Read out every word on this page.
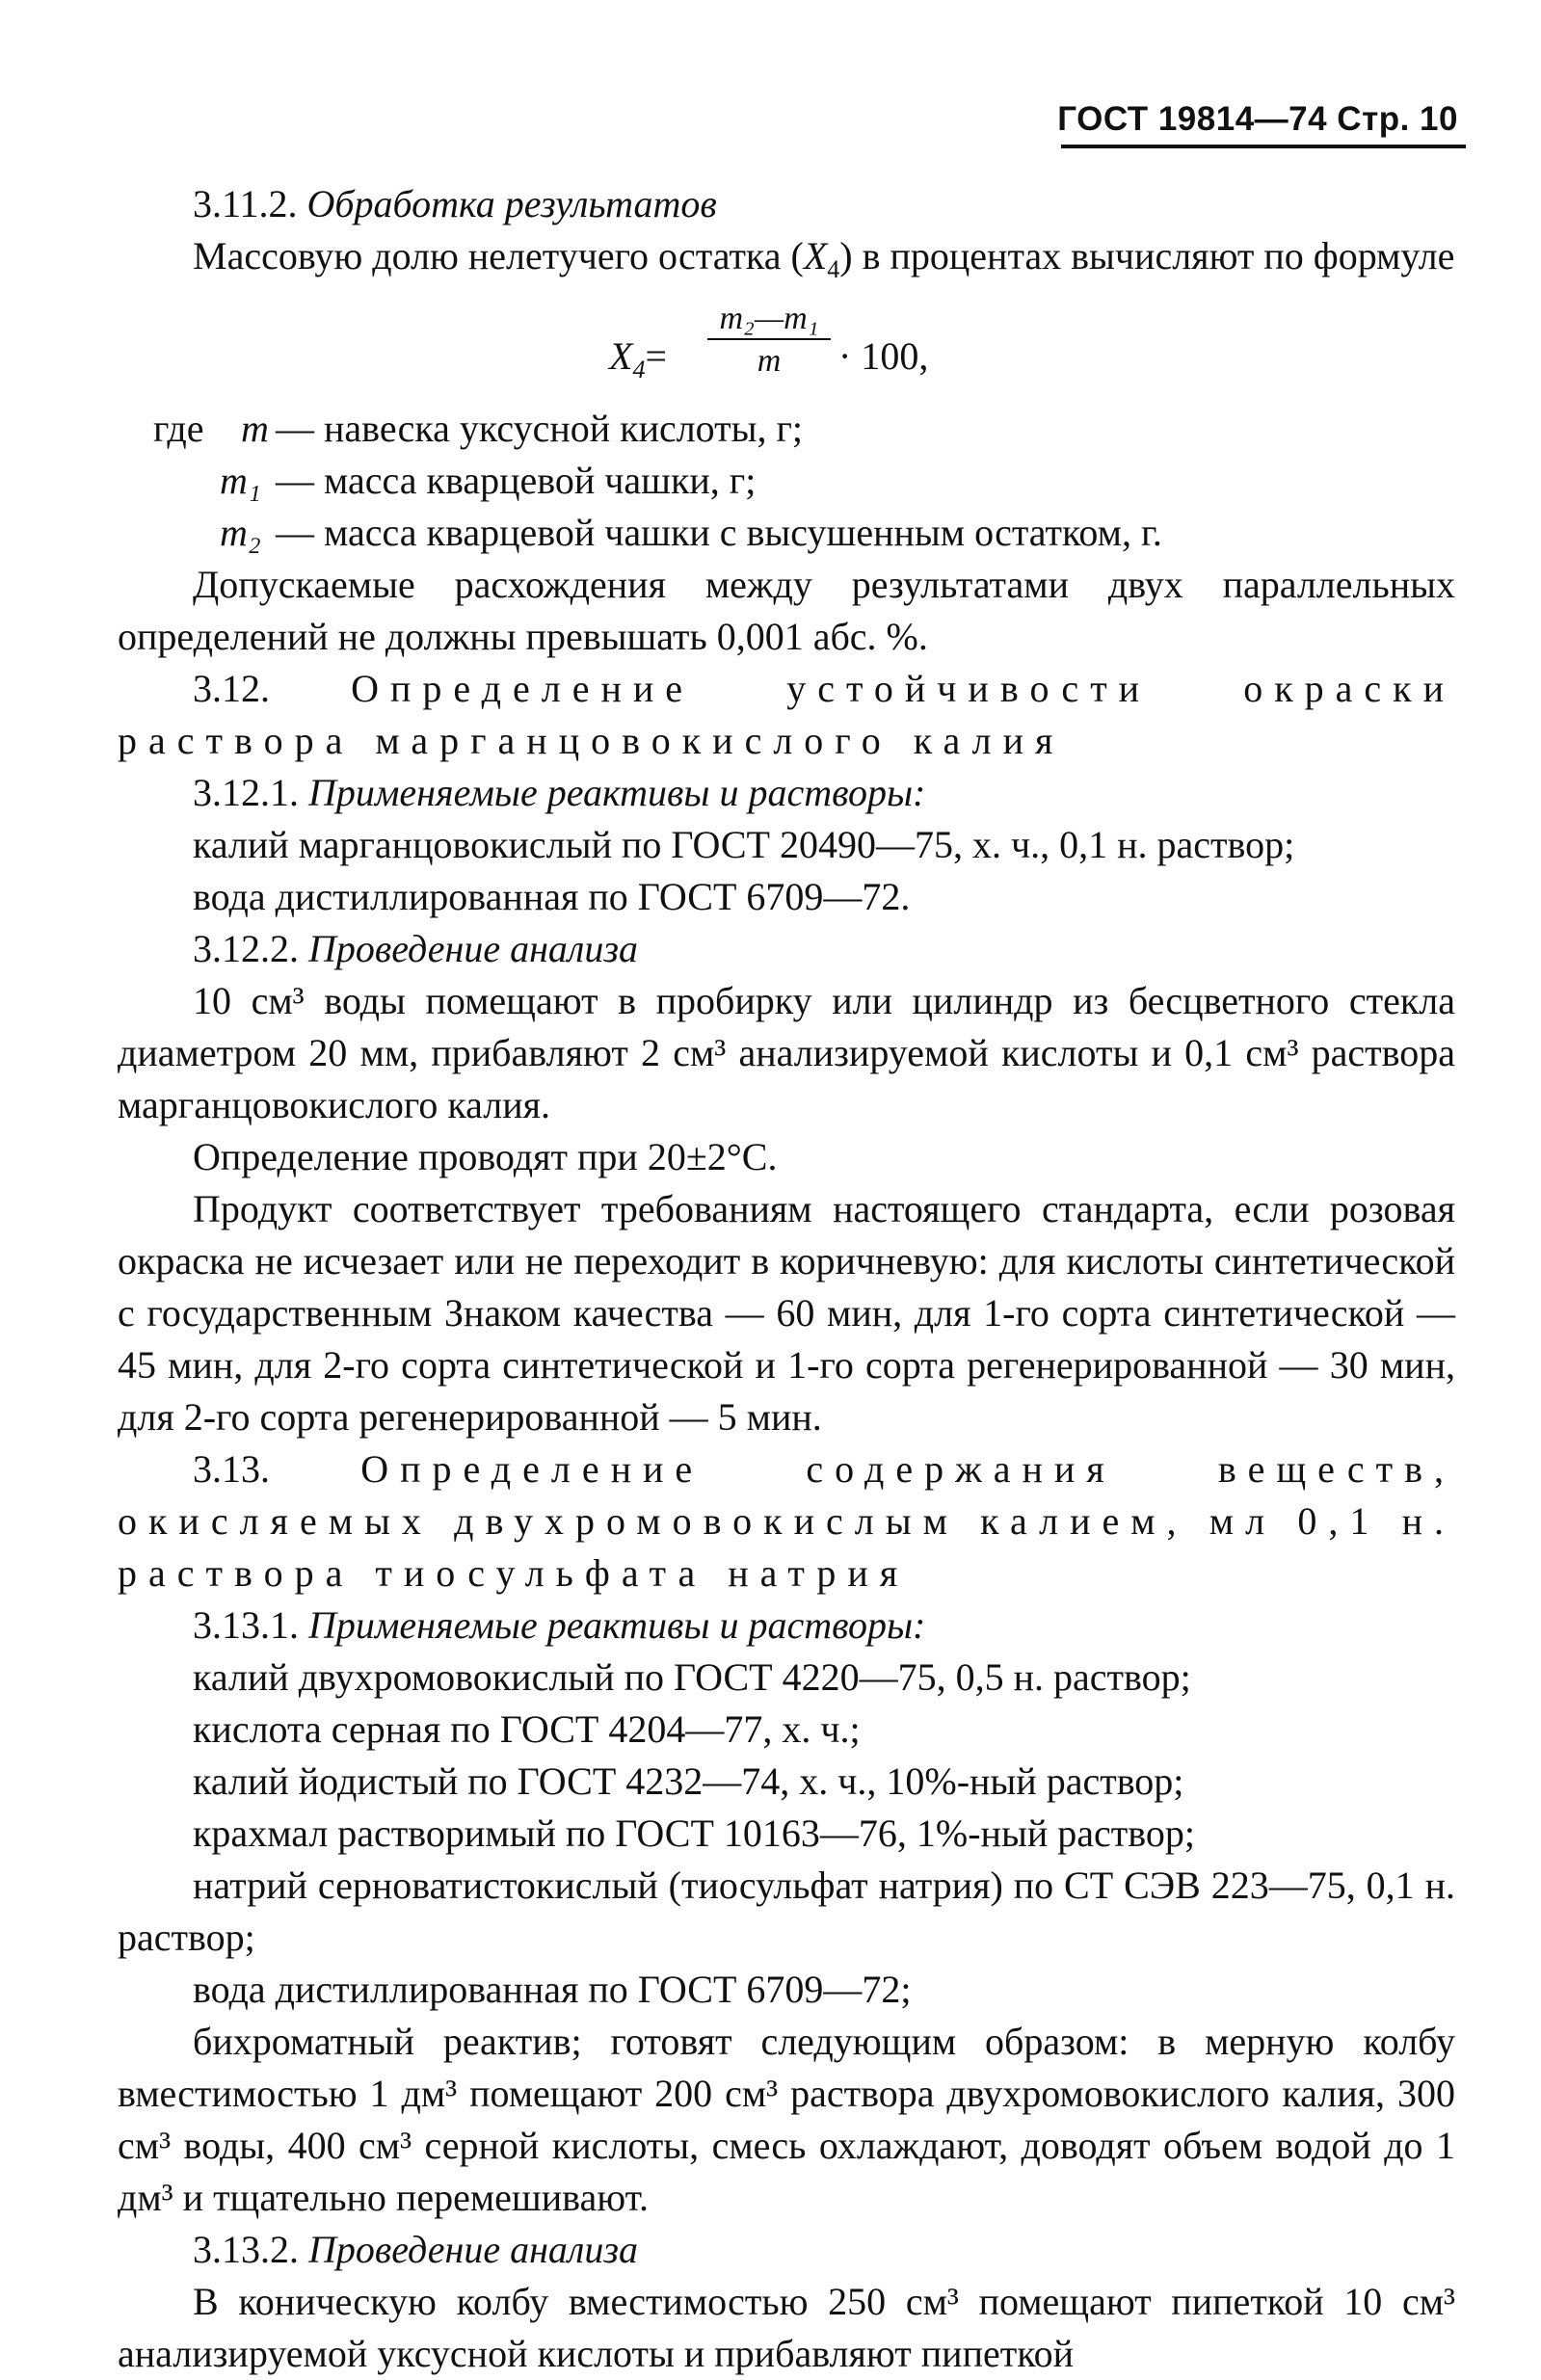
ГОСТ 19814—74 Стр. 10

3.11.2. Обработка результатов

Массовую долю нелетучего остатка $(X_4)$ в процентах вычисляют по формуле

$X_4= \frac{\text{m₂—m₁}}{m} \cdot 100$,
где m — навеска уксусной кислоты, г;
m₁ — масса кварцевой чашки, г;
m₂ — масса кварцевой чашки с высушенным остатком, г.

Допускаемые расхождения между результатами двух параллельных определений не должны превышать 0,001 абс. %.

3.12. Определение устойчивости окраски раствора марганцовокислого калия

3.12.1. Применяемые реактивы и растворы:

калий марганцовокислый по ГОСТ 20490—75, х. ч., 0,1 н. раствор;

вода дистиллированная по ГОСТ 6709—72.

3.12.2. Проведение анализа

10 см³ воды помещают в пробирку или цилиндр из бесцветного стекла диаметром 20 мм, прибавляют 2 см³ анализируемой кислоты и 0,1 см³ раствора марганцовокислого калия.

Определение проводят при 20±2°С.

Продукт соответствует требованиям настоящего стандарта, если розовая окраска не исчезает или не переходит в коричневую: для кислоты синтетической с государственным Знаком качества — 60 мин, для 1-го сорта синтетической — 45 мин, для 2-го сорта синтетической и 1-го сорта регенерированной — 30 мин, для 2-го сорта регенерированной — 5 мин.

3.13. Определение содержания веществ, окисляемых двухромовокислым калием, мл 0,1 н. раствора тиосульфата натрия

3.13.1. Применяемые реактивы и растворы:

калий двухромовокислый по ГОСТ 4220—75, 0,5 н. раствор;

кислота серная по ГОСТ 4204—77, х. ч.;

калий йодистый по ГОСТ 4232—74, х. ч., 10%-ный раствор;

крахмал растворимый по ГОСТ 10163—76, 1%-ный раствор;

натрий серноватистокислый (тиосульфат натрия) по СТ СЭВ 223—75, 0,1 н. раствор;

вода дистиллированная по ГОСТ 6709—72;

бихроматный реактив; готовят следующим образом: в мерную колбу вместимостью 1 дм³ помещают 200 см³ раствора двухромовокислого калия, 300 см³ воды, 400 см³ серной кислоты, смесь охлаждают, доводят объем водой до 1 дм³ и тщательно перемешивают.

3.13.2. Проведение анализа

В коническую колбу вместимостью 250 см³ помещают пипеткой 10 см³ анализируемой уксусной кислоты и прибавляют пипеткой
